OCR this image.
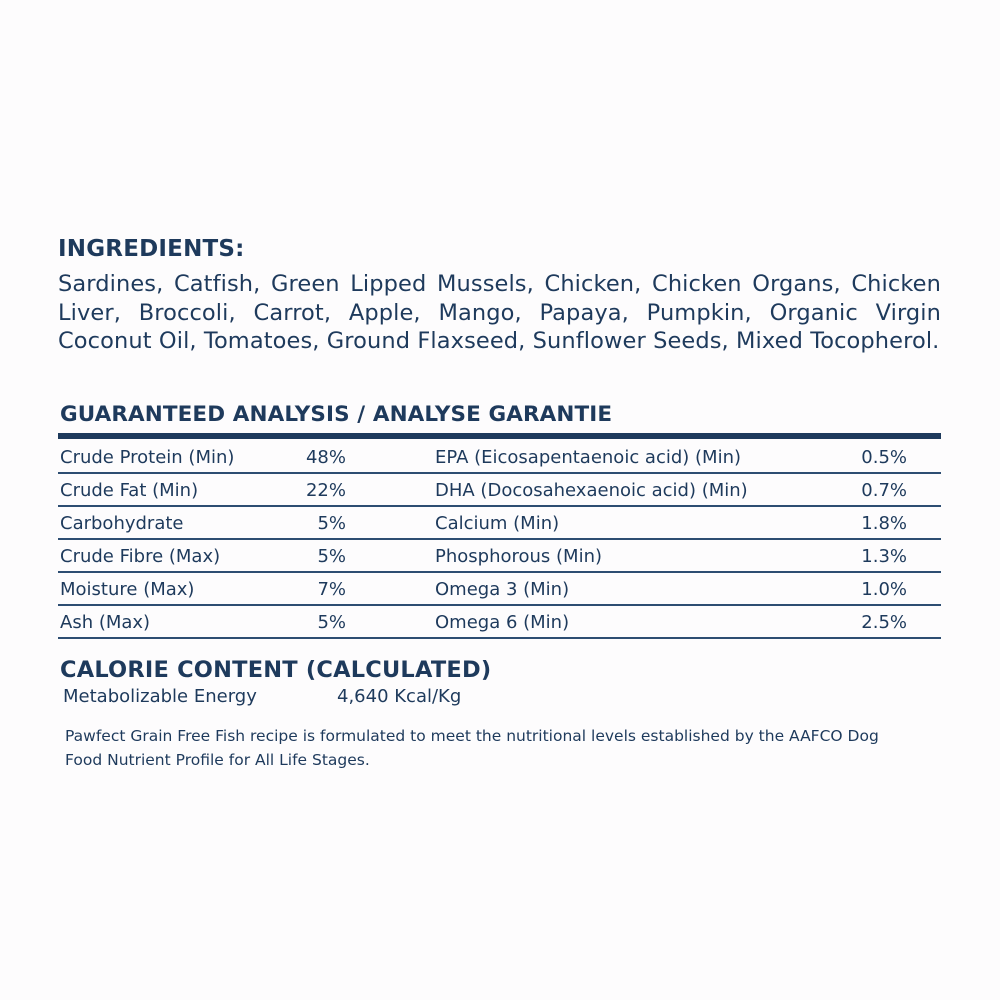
INGREDIENTS:
Sardines, Catfish, Green Lipped Mussels, Chicken, Chicken Organs, Chicken Liver, Broccoli, Carrot, Apple, Mango, Papaya, Pumpkin, Organic Virgin Coconut Oil, Tomatoes, Ground Flaxseed, Sunflower Seeds, Mixed Tocopherol.
GUARANTEED ANALYSIS / ANALYSE GARANTIE
Crude Protein (Min)	48%	EPA (Eicosapentaenoic acid) (Min)	0.5%
Crude Fat (Min)	22%	DHA (Docosahexaenoic acid) (Min)	0.7%
Carbohydrate	5%	Calcium (Min)	1.8%
Crude Fibre (Max)	5%	Phosphorous (Min)	1.3%
Moisture (Max)	7%	Omega 3 (Min)	1.0%
Ash (Max)	5%	Omega 6 (Min)	2.5%
CALORIE CONTENT (CALCULATED)
Metabolizable Energy	4,640 Kcal/Kg
Pawfect Grain Free Fish recipe is formulated to meet the nutritional levels established by the AAFCO Dog Food Nutrient Profile for All Life Stages.
